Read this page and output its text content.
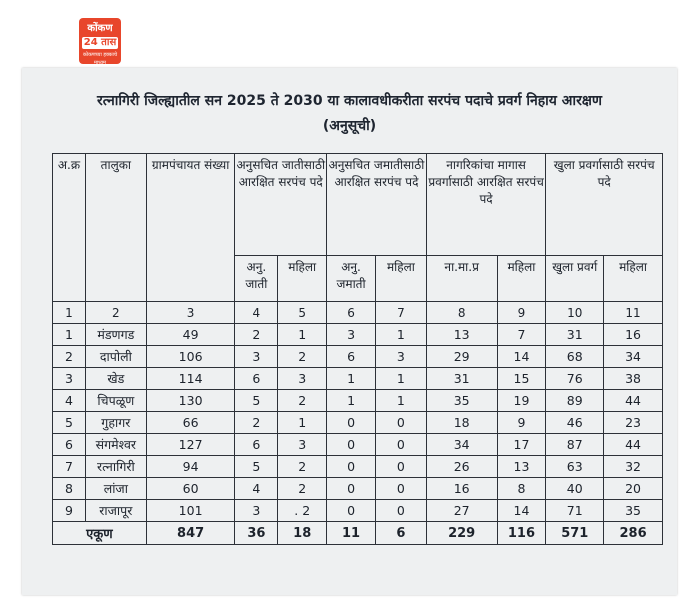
कोंकण
24 तास
कोकणच्या हक्काचे माध्यम
रत्नागिरी जिल्ह्यातील सन 2025 ते 2030 या कालावधीकरीता सरपंच पदाचे प्रवर्ग निहाय आरक्षण
(अनुसूची)
अ.क्र	तालुका	ग्रामपंचायत संख्या	अनुसचित जातीसाठी आरक्षित सरपंच पदे		अनुसचित जमातीसाठी आरक्षित सरपंच पदे		नागरिकांचा मागास प्रवर्गासाठी आरक्षित सरपंच पदे		खुला प्रवर्गासाठी सरपंच पदे	
			अनु. जाती	महिला	अनु. जमाती	महिला	ना.मा.प्र	महिला	खुला प्रवर्ग	महिला
1	2	3	4	5	6	7	8	9	10	11
1	मंडणगड	49	2	1	3	1	13	7	31	16
2	दापोली	106	3	2	6	3	29	14	68	34
3	खेड	114	6	3	1	1	31	15	76	38
4	चिपळूण	130	5	2	1	1	35	19	89	44
5	गुहागर	66	2	1	0	0	18	9	46	23
6	संगमेश्वर	127	6	3	0	0	34	17	87	44
7	रत्नागिरी	94	5	2	0	0	26	13	63	32
8	लांजा	60	4	2	0	0	16	8	40	20
9	राजापूर	101	3	. 2	0	0	27	14	71	35
एकूण		847	36	18	11	6	229	116	571	286
